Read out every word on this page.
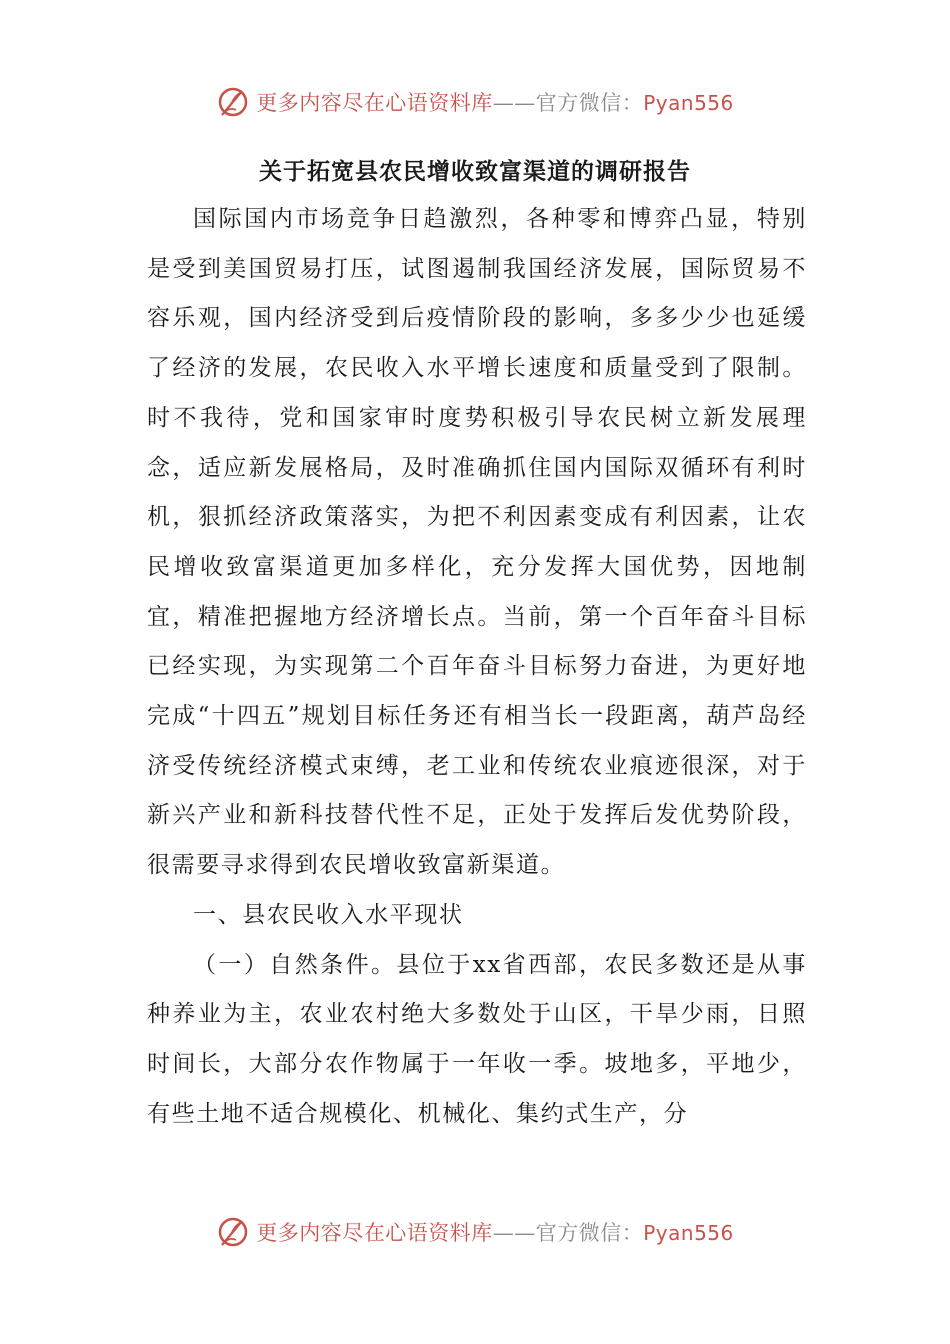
更多内容尽在心语资料库——官方微信：Pyan556
关于拓宽县农民增收致富渠道的调研报告

国际国内市场竞争日趋激烈，各种零和博弈凸显，特别是受到美国贸易打压，试图遏制我国经济发展，国际贸易不容乐观，国内经济受到后疫情阶段的影响，多多少少也延缓了经济的发展，农民收入水平增长速度和质量受到了限制。时不我待，党和国家审时度势积极引导农民树立新发展理念，适应新发展格局，及时准确抓住国内国际双循环有利时机，狠抓经济政策落实，为把不利因素变成有利因素，让农民增收致富渠道更加多样化，充分发挥大国优势，因地制宜，精准把握地方经济增长点。当前，第一个百年奋斗目标已经实现，为实现第二个百年奋斗目标努力奋进，为更好地完成“十四五”规划目标任务还有相当长一段距离，葫芦岛经济受传统经济模式束缚，老工业和传统农业痕迹很深，对于新兴产业和新科技替代性不足，正处于发挥后发优势阶段，很需要寻求得到农民增收致富新渠道。

一、县农民收入水平现状

（一）自然条件。县位于xx省西部，农民多数还是从事种养业为主，农业农村绝大多数处于山区，干旱少雨，日照时间长，大部分农作物属于一年收一季。坡地多，平地少，有些土地不适合规模化、机械化、集约式生产，分

更多内容尽在心语资料库——官方微信：Pyan556
